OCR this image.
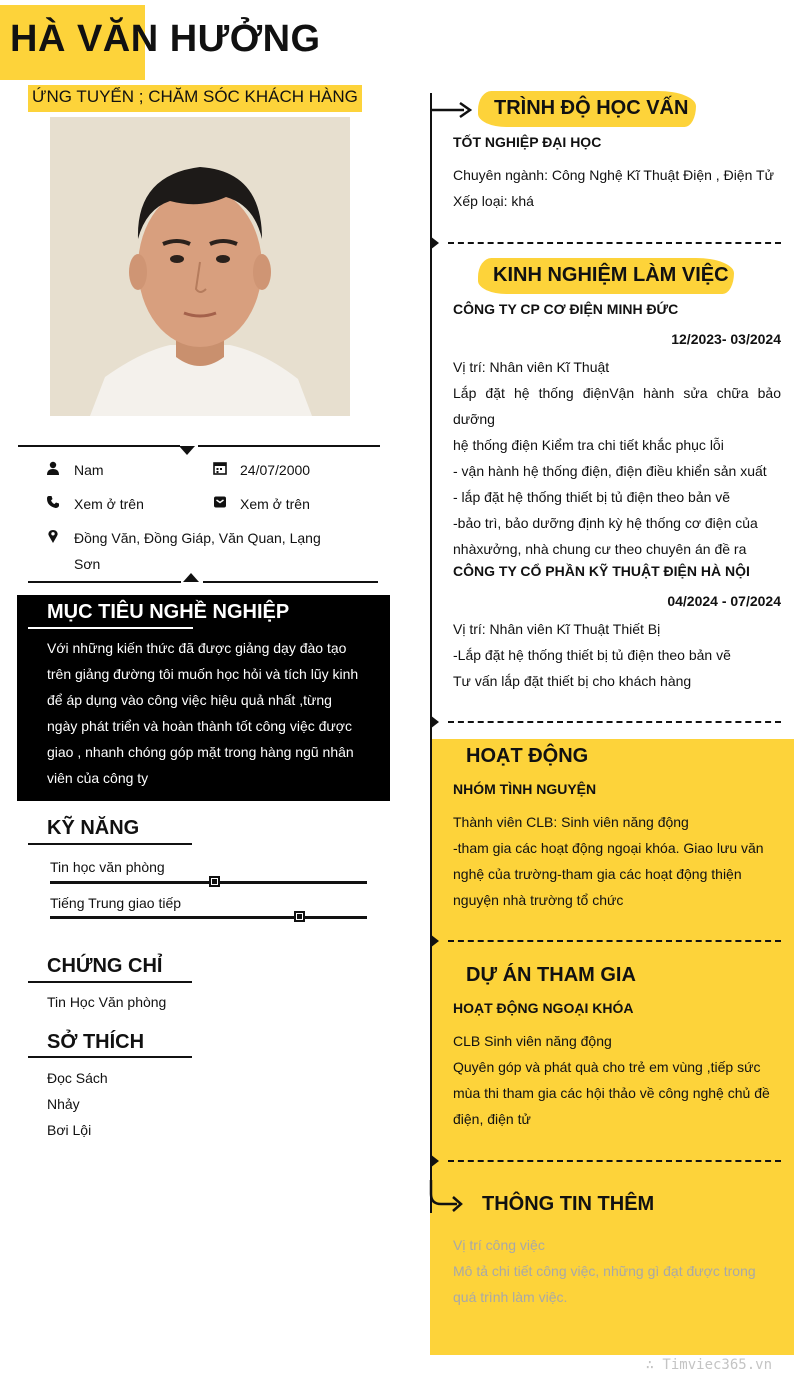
HÀ VĂN HƯỞNG
ỨNG TUYỂN ; CHĂM SÓC KHÁCH HÀNG
Nam	24/07/2000
Xem ở trên	Xem ở trên
Đồng Văn, Đồng Giáp, Văn Quan, Lạng
Sơn
MỤC TIÊU NGHỀ NGHIỆP
Với những kiến thức đã được giảng dạy đào tạo
trên giảng đường tôi muốn học hỏi và tích lũy kinh
để áp dụng vào công việc hiệu quả nhất ,từng
ngày phát triển và hoàn thành tốt công việc được
giao , nhanh chóng góp mặt trong hàng ngũ nhân
viên của công ty
KỸ NĂNG
Tin học văn phòng
Tiếng Trung giao tiếp
CHỨNG CHỈ
Tin Học Văn phòng
SỞ THÍCH
Đọc Sách
Nhảy
Bơi Lội
TRÌNH ĐỘ HỌC VẤN
TỐT NGHIỆP ĐẠI HỌC
Chuyên ngành: Công Nghệ Kĩ Thuật Điện , Điện Tử
Xếp loại: khá
KINH NGHIỆM LÀM VIỆC
CÔNG TY CP CƠ ĐIỆN MINH ĐỨC
12/2023- 03/2024
Vị trí: Nhân viên Kĩ Thuật
Lắp đặt hệ thống điệnVận hành sửa chữa bảo dưỡng
hệ thống điện Kiểm tra chi tiết khắc phục lỗi
- vận hành hệ thống điện, điện điều khiển sản xuất
- lắp đặt hệ thống thiết bị tủ điện theo bản vẽ
-bảo trì, bảo dưỡng định kỳ hệ thống cơ điện của
nhàxưởng, nhà chung cư theo chuyên án đề ra
CÔNG TY CỔ PHẦN KỸ THUẬT ĐIỆN HÀ NỘI
04/2024 - 07/2024
Vị trí: Nhân viên Kĩ Thuật Thiết Bị
-Lắp đặt hệ thống thiết bị tủ điện theo bản vẽ
Tư vấn lắp đặt thiết bị cho khách hàng
HOẠT ĐỘNG
NHÓM TÌNH NGUYỆN
Thành viên CLB: Sinh viên năng động
-tham gia các hoạt động ngoại khóa. Giao lưu văn
nghệ của trường-tham gia các hoạt động thiện
nguyện nhà trường tổ chức
DỰ ÁN THAM GIA
HOẠT ĐỘNG NGOẠI KHÓA
CLB Sinh viên năng động
Quyên góp và phát quà cho trẻ em vùng ,tiếp sức
mùa thi tham gia các hội thảo về công nghệ chủ đề
điện, điện tử
THÔNG TIN THÊM
Vị trí công việc
Mô tả chi tiết công việc, những gì đạt được trong
quá trình làm việc.
∴ Timviec365.vn
